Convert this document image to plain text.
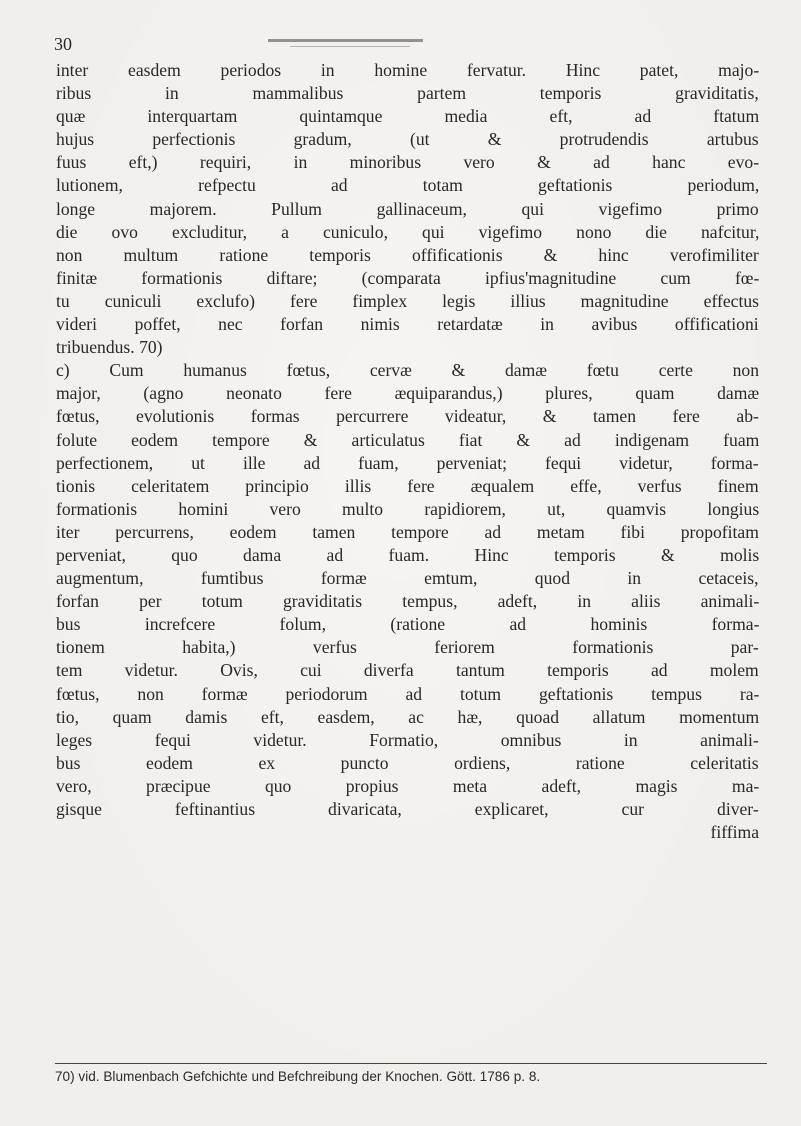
30
inter easdem periodos in homine fervatur. Hinc patet, majo-
ribus in mammalibus partem temporis graviditatis,
quæ interquartam quintamque media eft, ad ftatum
hujus perfectionis gradum, (ut & protrudendis artubus
fuus eft,) requiri, in minoribus vero & ad hanc evo-
lutionem, refpectu ad totam geftationis periodum,
longe majorem. Pullum gallinaceum, qui vigefimo primo
die ovo excluditur, a cuniculo, qui vigefimo nono die nafcitur,
non multum ratione temporis offificationis & hinc verofimiliter
finitæ formationis diftare; (comparata ipfius'magnitudine cum fœ-
tu cuniculi exclufo) fere fimplex legis illius magnitudine effectus
videri poffet, nec forfan nimis retardatæ in avibus offificationi
tribuendus. 70)
c) Cum humanus fœtus, cervæ & damæ fœtu certe non
major, (agno neonato fere æquiparandus,) plures, quam damæ
fœtus, evolutionis formas percurrere videatur, & tamen fere ab-
folute eodem tempore & articulatus fiat & ad indigenam fuam
perfectionem, ut ille ad fuam, perveniat; fequi videtur, forma-
tionis celeritatem principio illis fere æqualem effe, verfus finem
formationis homini vero multo rapidiorem, ut, quamvis longius
iter percurrens, eodem tamen tempore ad metam fibi propofitam
perveniat, quo dama ad fuam. Hinc temporis & molis
augmentum, fumtibus formæ emtum, quod in cetaceis,
forfan per totum graviditatis tempus, adeft, in aliis animali-
bus increfcere folum, (ratione ad hominis forma-
tionem habita,) verfus feriorem formationis par-
tem videtur. Ovis, cui diverfa tantum temporis ad molem
fœtus, non formæ periodorum ad totum geftationis tempus ra-
tio, quam damis eft, easdem, ac hæ, quoad allatum momentum
leges fequi videtur. Formatio, omnibus in animali-
bus eodem ex puncto ordiens, ratione celeritatis
vero, præcipue quo propius meta adeft, magis ma-
gisque feftinantius divaricata, explicaret, cur diver-
fiffima
70) vid. Blumenbach Gefchichte und Befchreibung der Knochen. Gött. 1786 p. 8.
